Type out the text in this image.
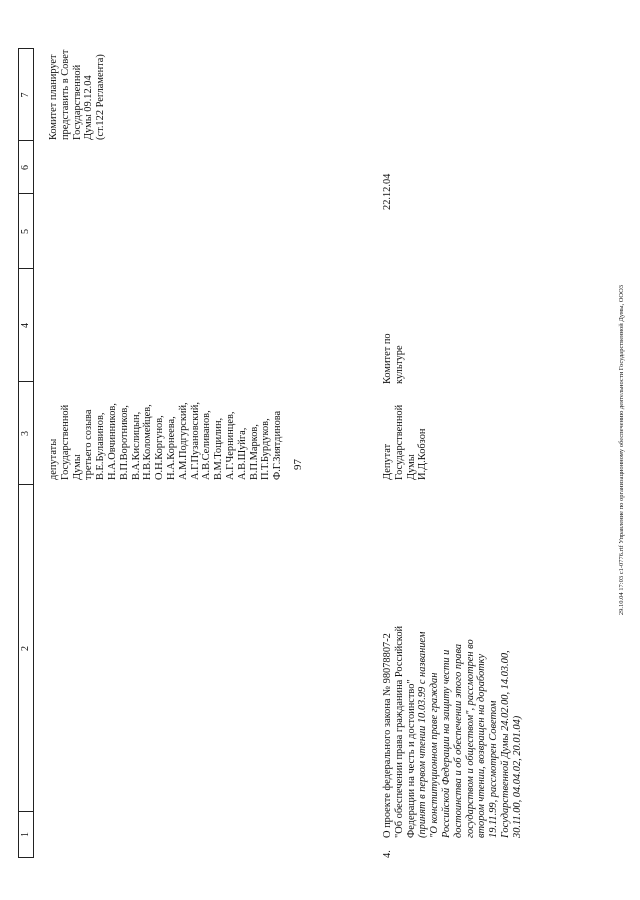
97
1
2
3
4
5
6
7
депутаты Государственной Думы третьего созыва В.Е.Булавинов, Н.А.Овчинников, В.П.Воротников, В.А.Кислицын, Н.В.Коломейцев, О.Н.Коргунов, Н.А.Корнеева, А.М.Подгурский, А.Г.Пузановский, А.В.Селиванов, В.М.Тоцилин, А.Г.Чернинцев, А.В.Шуйга, В.П.Марков, П.Т.Бурдуков, Ф.Г.Зиятдинова
Комитет планирует представить в Совет Государственной Думы 09.12.04 (ст.122 Регламента)
4.
О проекте федерального закона № 98078807-2 "Об обеспечении права гражданина Российской Федерации на честь и достоинство" (принят в первом чтении 10.03.99 с названием "О конституционном праве граждан Российской Федерации на защиту чести и достоинства и об обеспечении этого права государством и обществом", рассмотрен во втором чтении, возвращен на доработку 19.11.99, рассмотрен Советом Государственной Думы 24.02.00, 14.03.00, 30.11.00, 04.04.02, 20.01.04)
Депутат Государственной Думы И.Д.Кобзон
Комитет по культуре
22.12.04
29.10.04 17:03 c1-0776.rtf Управление по организационному обеспечению деятельности Государственной Думы, ООО3
